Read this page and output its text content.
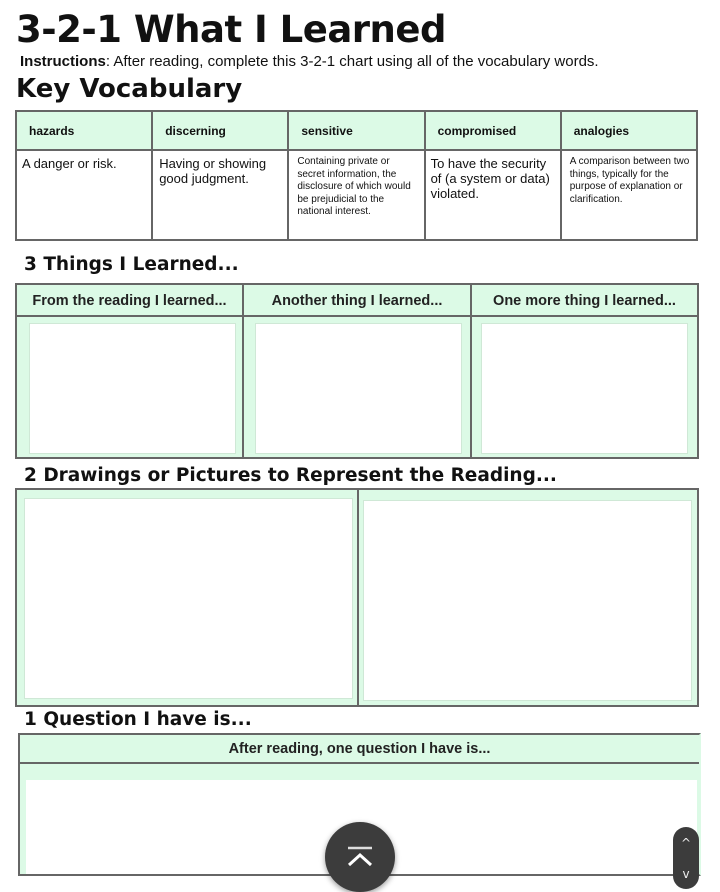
3-2-1 What I Learned
Instructions: After reading, complete this 3-2-1 chart using all of the vocabulary words.
Key Vocabulary
hazards	discerning	sensitive	compromised	analogies
A danger or risk.	Having or showing good judgment.	Containing private or secret information, the disclosure of which would be prejudicial to the national interest.	To have the security of (a system or data) violated.	A comparison between two things, typically for the purpose of explanation or clarification.
3 Things I Learned...
From the reading I learned...	Another thing I learned...	One more thing I learned...
2 Drawings or Pictures to Represent the Reading...
1 Question I have is...
After reading, one question I have is...
^
v
